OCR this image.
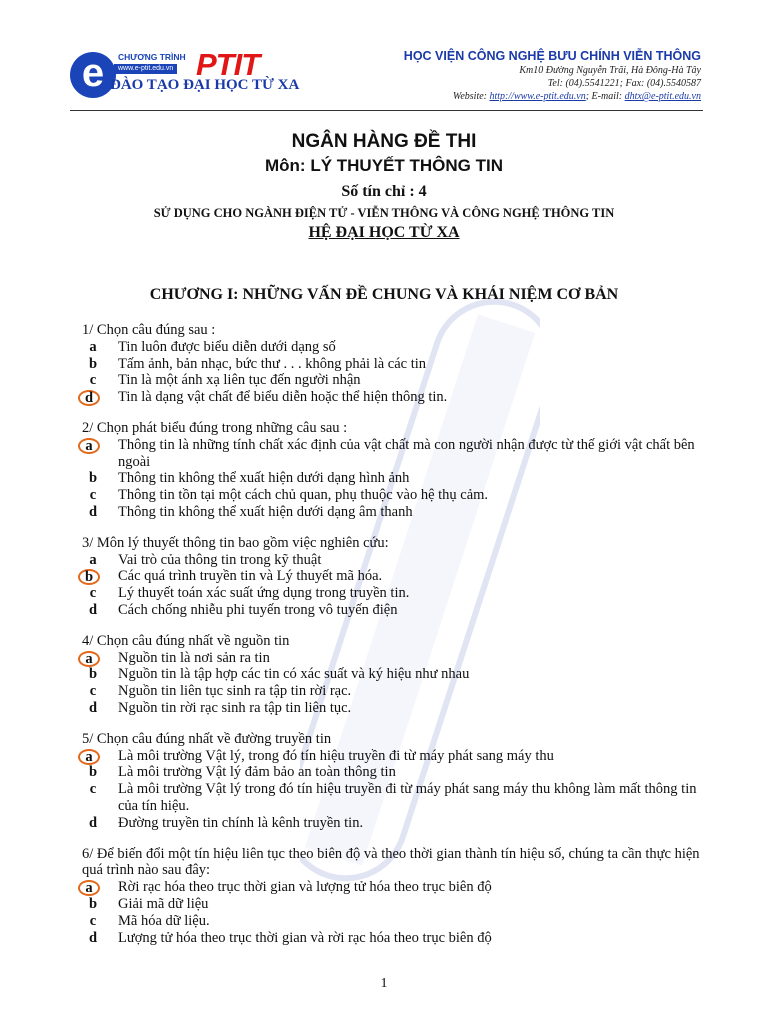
e	CHƯƠNG TRÌNH
www.e-ptit.edu.vn PTIT
ĐÀO TẠO ĐẠI HỌC TỪ XA
HỌC VIỆN CÔNG NGHỆ BƯU CHÍNH VIỄN THÔNG
Km10 Đường Nguyễn Trãi, Hà Đông-Hà Tây
Tel: (04).5541221; Fax: (04).5540587
Website: http://www.e-ptit.edu.vn; E-mail: dhtx@e-ptit.edu.vn
NGÂN HÀNG ĐỀ THI
Môn: LÝ THUYẾT THÔNG TIN
Số tín chỉ : 4
SỬ DỤNG CHO NGÀNH ĐIỆN TỬ - VIỄN THÔNG VÀ CÔNG NGHỆ THÔNG TIN
HỆ ĐẠI HỌC TỪ XA
CHƯƠNG I: NHỮNG VẤN ĐỀ CHUNG VÀ KHÁI NIỆM CƠ BẢN
1/ Chọn câu đúng sau :
a Tin luôn được biểu diễn dưới dạng số
b Tấm ảnh, bản nhạc, bức thư . . . không phải là các tin
c Tin là một ánh xạ liên tục đến người nhận
d	Tin là dạng vật chất để biểu diễn hoặc thể hiện thông tin.
2/ Chọn phát biểu đúng trong những câu sau :
a	Thông tin là những tính chất xác định của vật chất mà con người nhận được từ thế giới vật chất bên ngoài
b Thông tin không thể xuất hiện dưới dạng hình ảnh
c Thông tin tồn tại một cách chủ quan, phụ thuộc vào hệ thụ cảm.
d Thông tin không thể xuất hiện dưới dạng âm thanh
3/ Môn lý thuyết thông tin bao gồm việc nghiên cứu:
a Vai trò của thông tin trong kỹ thuật
b	Các quá trình truyền tin và Lý thuyết mã hóa.
c Lý thuyết toán xác suất ứng dụng trong truyền tin.
d Cách chống nhiễu phi tuyến trong vô tuyến điện
4/ Chọn câu đúng nhất về nguồn tin
a	Nguồn tin là nơi sản ra tin
b Nguồn tin là tập hợp các tin có xác suất và ký hiệu như nhau
c Nguồn tin liên tục sinh ra tập tin rời rạc.
d Nguồn tin rời rạc sinh ra tập tin liên tục.
5/ Chọn câu đúng nhất về đường truyền tin
a	Là môi trường Vật lý, trong đó tín hiệu truyền đi từ máy phát sang máy thu
b Là môi trường Vật lý đảm bảo an toàn thông tin
c Là môi trường Vật lý trong đó tín hiệu truyền đi từ máy phát sang máy thu không làm mất thông tin của tín hiệu.
d Đường truyền tin chính là kênh truyền tin.
6/ Để biến đổi một tín hiệu liên tục theo biên độ và theo thời gian thành tín hiệu số, chúng ta cần thực hiện quá trình nào sau đây:
a	Rời rạc hóa theo trục thời gian và lượng tử hóa theo trục biên độ
b Giải mã dữ liệu
c Mã hóa dữ liệu.
d Lượng tử hóa theo trục thời gian và rời rạc hóa theo trục biên độ
1
